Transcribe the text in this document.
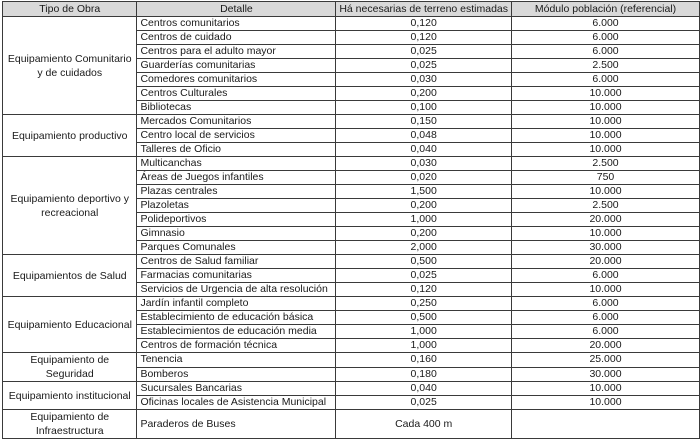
Tipo de Obra	Detalle	Há necesarias de terreno estimadas	Módulo población (referencial)
Equipamiento Comunitario y de cuidados	Centros comunitarios	0,120	6.000
	Centros de cuidado	0,120	6.000
	Centros para el adulto mayor	0,025	6.000
	Guarderías comunitarias	0,025	2.500
	Comedores comunitarios	0,030	6.000
	Centros Culturales	0,200	10.000
	Bibliotecas	0,100	10.000
Equipamiento productivo	Mercados Comunitarios	0,150	10.000
	Centro local de servicios	0,048	10.000
	Talleres de Oficio	0,040	10.000
Equipamiento deportivo y recreacional	Multicanchas	0,030	2.500
	Áreas de Juegos infantiles	0,020	750
	Plazas centrales	1,500	10.000
	Plazoletas	0,200	2.500
	Polideportivos	1,000	20.000
	Gimnasio	0,200	10.000
	Parques Comunales	2,000	30.000
Equipamientos de Salud	Centros de Salud familiar	0,500	20.000
	Farmacias comunitarias	0,025	6.000
	Servicios de Urgencia de alta resolución	0,120	10.000
Equipamiento Educacional	Jardín infantil completo	0,250	6.000
	Establecimiento de educación básica	0,500	6.000
	Establecimientos de educación media	1,000	6.000
	Centros de formación técnica	1,000	20.000
Equipamiento de Seguridad	Tenencia	0,160	25.000
	Bomberos	0,180	30.000
Equipamiento institucional	Sucursales Bancarias	0,040	10.000
	Oficinas locales de Asistencia Municipal	0,025	10.000
Equipamiento de Infraestructura	Paraderos de Buses	Cada 400 m	
